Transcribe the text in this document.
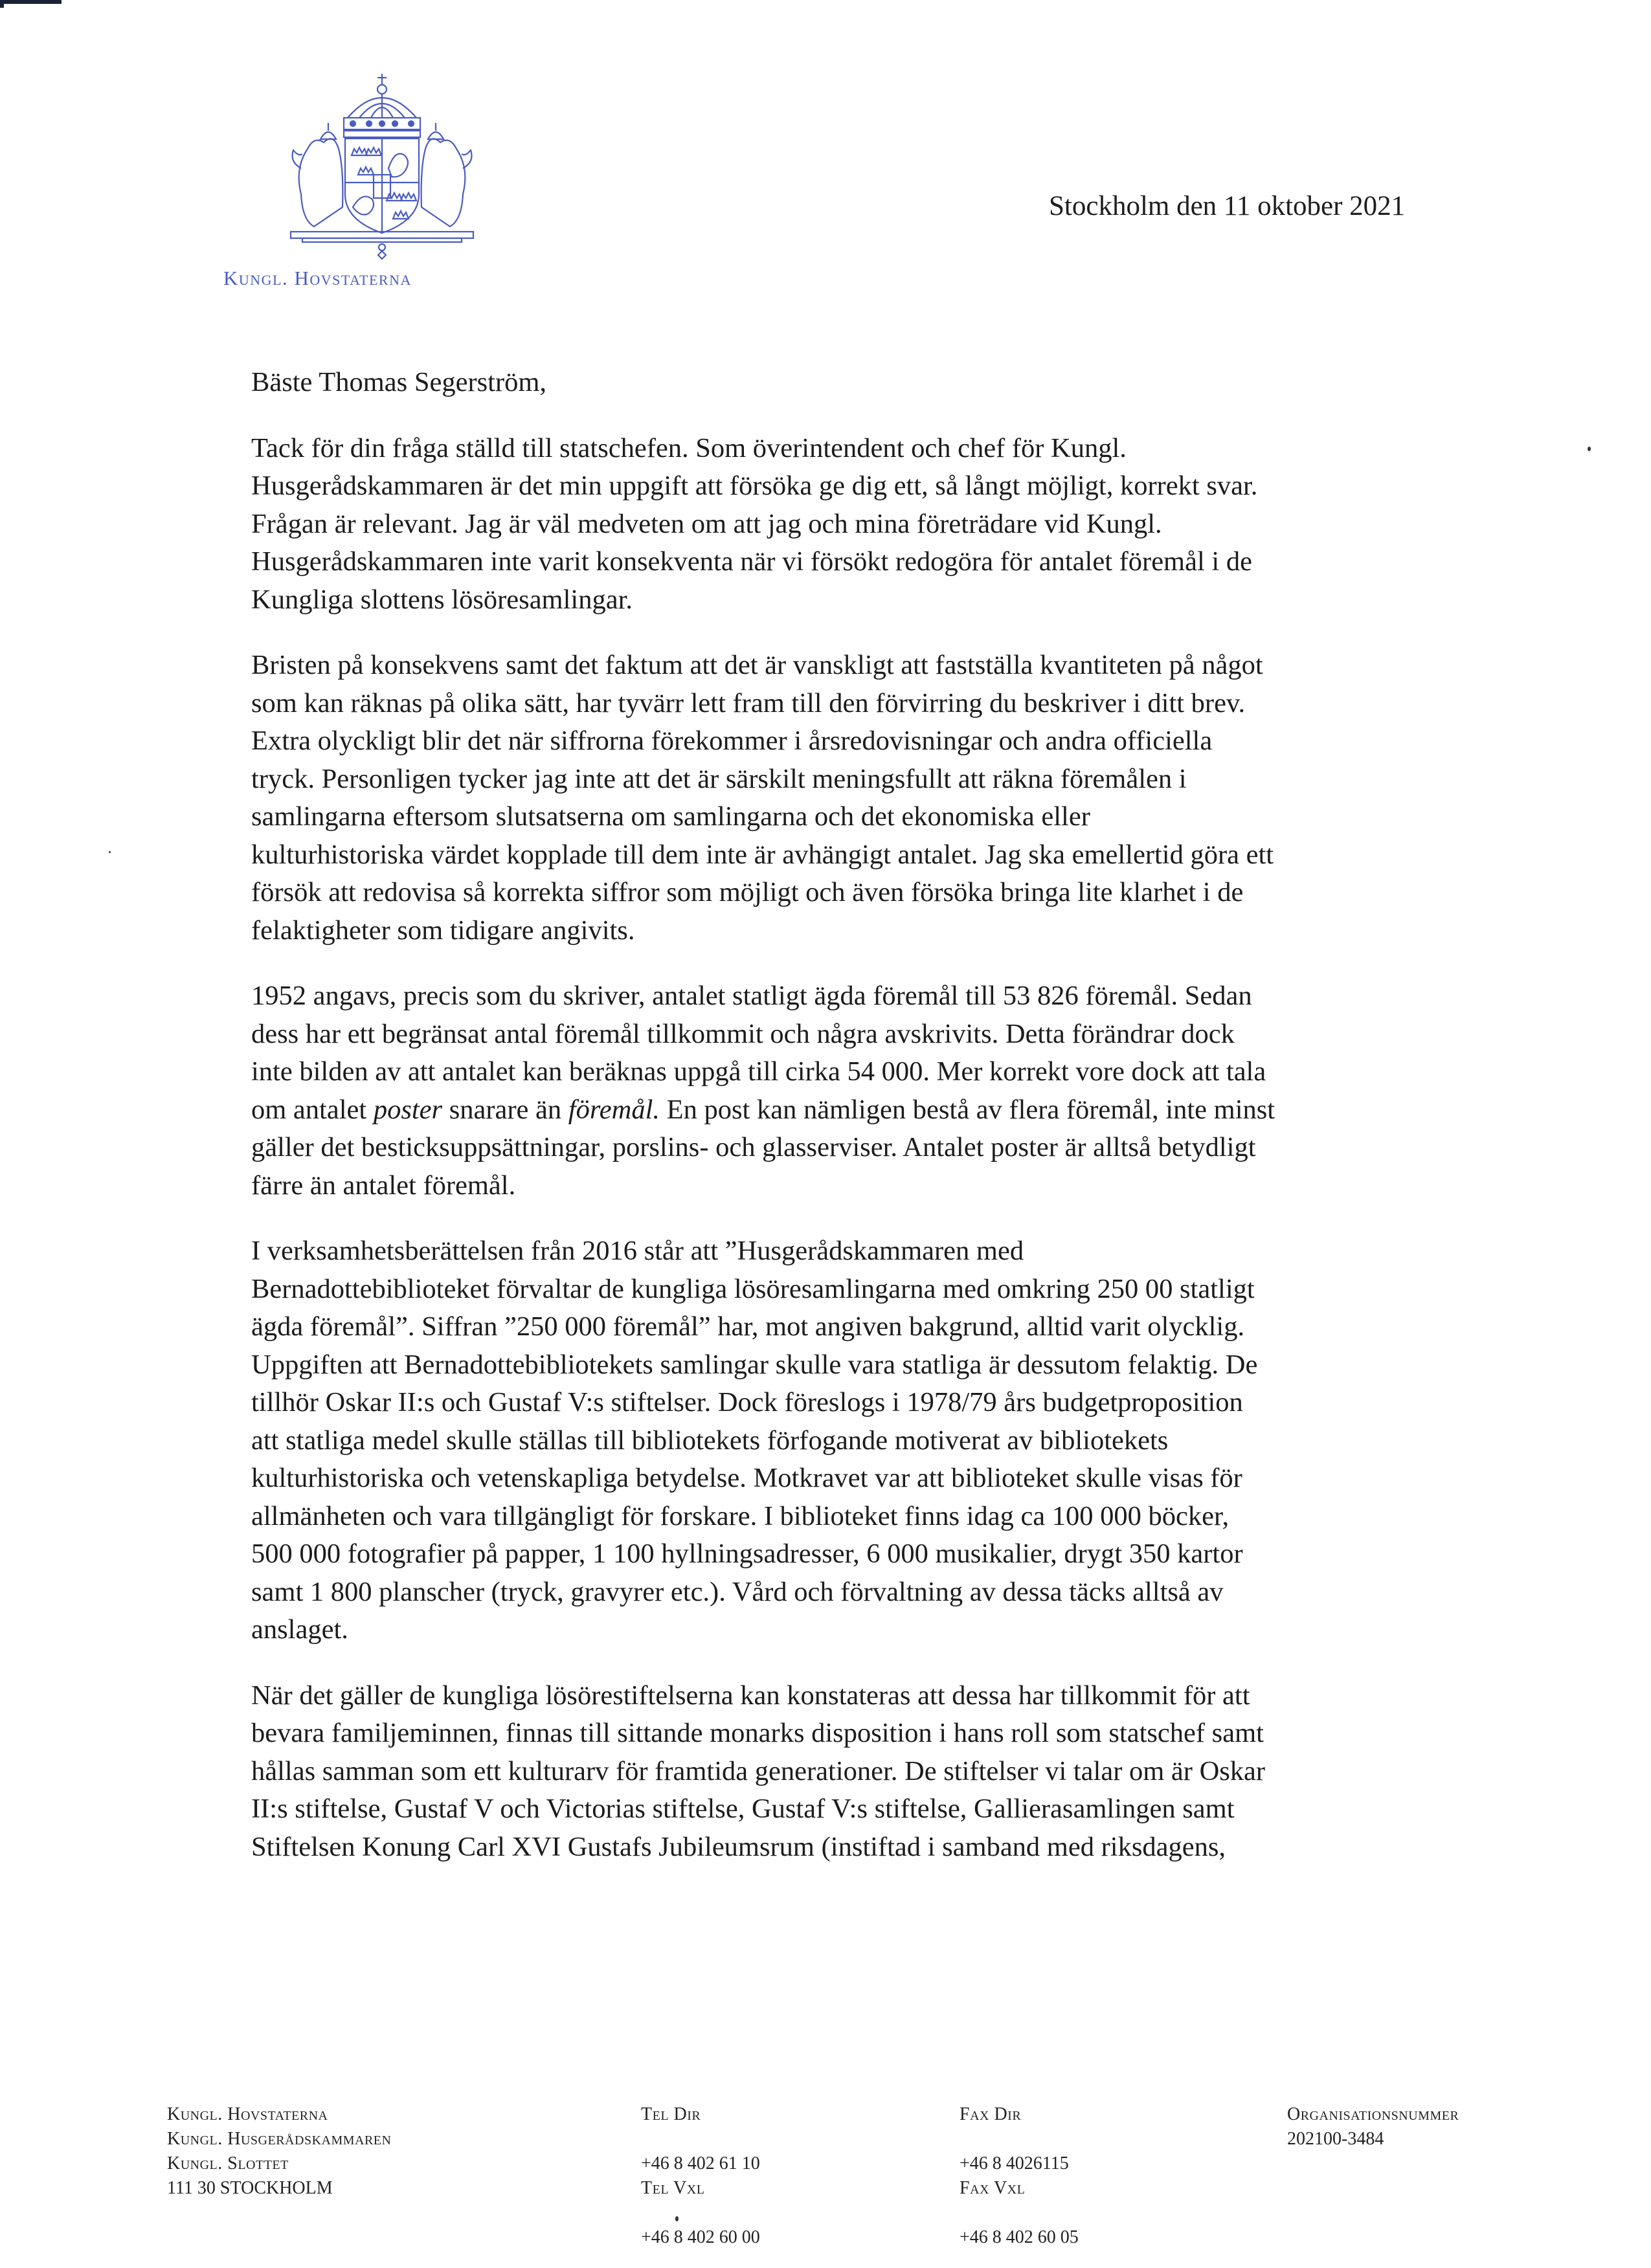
Kungl. Hovstaterna
Stockholm den 11 oktober 2021
Bäste Thomas Segerström,
Tack för din fråga ställd till statschefen. Som överintendent och chef för Kungl.
Husgerådskammaren är det min uppgift att försöka ge dig ett, så långt möjligt, korrekt svar.
Frågan är relevant. Jag är väl medveten om att jag och mina företrädare vid Kungl.
Husgerådskammaren inte varit konsekventa när vi försökt redogöra för antalet föremål i de
Kungliga slottens lösöresamlingar.
Bristen på konsekvens samt det faktum att det är vanskligt att fastställa kvantiteten på något
som kan räknas på olika sätt, har tyvärr lett fram till den förvirring du beskriver i ditt brev.
Extra olyckligt blir det när siffrorna förekommer i årsredovisningar och andra officiella
tryck. Personligen tycker jag inte att det är särskilt meningsfullt att räkna föremålen i
samlingarna eftersom slutsatserna om samlingarna och det ekonomiska eller
kulturhistoriska värdet kopplade till dem inte är avhängigt antalet. Jag ska emellertid göra ett
försök att redovisa så korrekta siffror som möjligt och även försöka bringa lite klarhet i de
felaktigheter som tidigare angivits.
1952 angavs, precis som du skriver, antalet statligt ägda föremål till 53 826 föremål. Sedan
dess har ett begränsat antal föremål tillkommit och några avskrivits. Detta förändrar dock
inte bilden av att antalet kan beräknas uppgå till cirka 54 000. Mer korrekt vore dock att tala
om antalet poster snarare än föremål. En post kan nämligen bestå av flera föremål, inte minst
gäller det besticksuppsättningar, porslins- och glasserviser. Antalet poster är alltså betydligt
färre än antalet föremål.
I verksamhetsberättelsen från 2016 står att ”Husgerådskammaren med
Bernadottebiblioteket förvaltar de kungliga lösöresamlingarna med omkring 250 00 statligt
ägda föremål”. Siffran ”250 000 föremål” har, mot angiven bakgrund, alltid varit olycklig.
Uppgiften att Bernadottebibliotekets samlingar skulle vara statliga är dessutom felaktig. De
tillhör Oskar II:s och Gustaf V:s stiftelser. Dock föreslogs i 1978/79 års budgetproposition
att statliga medel skulle ställas till bibliotekets förfogande motiverat av bibliotekets
kulturhistoriska och vetenskapliga betydelse. Motkravet var att biblioteket skulle visas för
allmänheten och vara tillgängligt för forskare. I biblioteket finns idag ca 100 000 böcker,
500 000 fotografier på papper, 1 100 hyllningsadresser, 6 000 musikalier, drygt 350 kartor
samt 1 800 planscher (tryck, gravyrer etc.). Vård och förvaltning av dessa täcks alltså av
anslaget.
När det gäller de kungliga lösörestiftelserna kan konstateras att dessa har tillkommit för att
bevara familjeminnen, finnas till sittande monarks disposition i hans roll som statschef samt
hållas samman som ett kulturarv för framtida generationer. De stiftelser vi talar om är Oskar
II:s stiftelse, Gustaf V och Victorias stiftelse, Gustaf V:s stiftelse, Gallierasamlingen samt
Stiftelsen Konung Carl XVI Gustafs Jubileumsrum (instiftad i samband med riksdagens,
Kungl. Hovstaterna
Kungl. Husgerådskammaren
Kungl. Slottet
111 30 STOCKHOLM
Tel Dir

+46 8 402 61 10
Tel Vxl

+46 8 402 60 00
Fax Dir

+46 8 4026115
Fax Vxl

+46 8 402 60 05
Organisationsnummer
202100-3484
